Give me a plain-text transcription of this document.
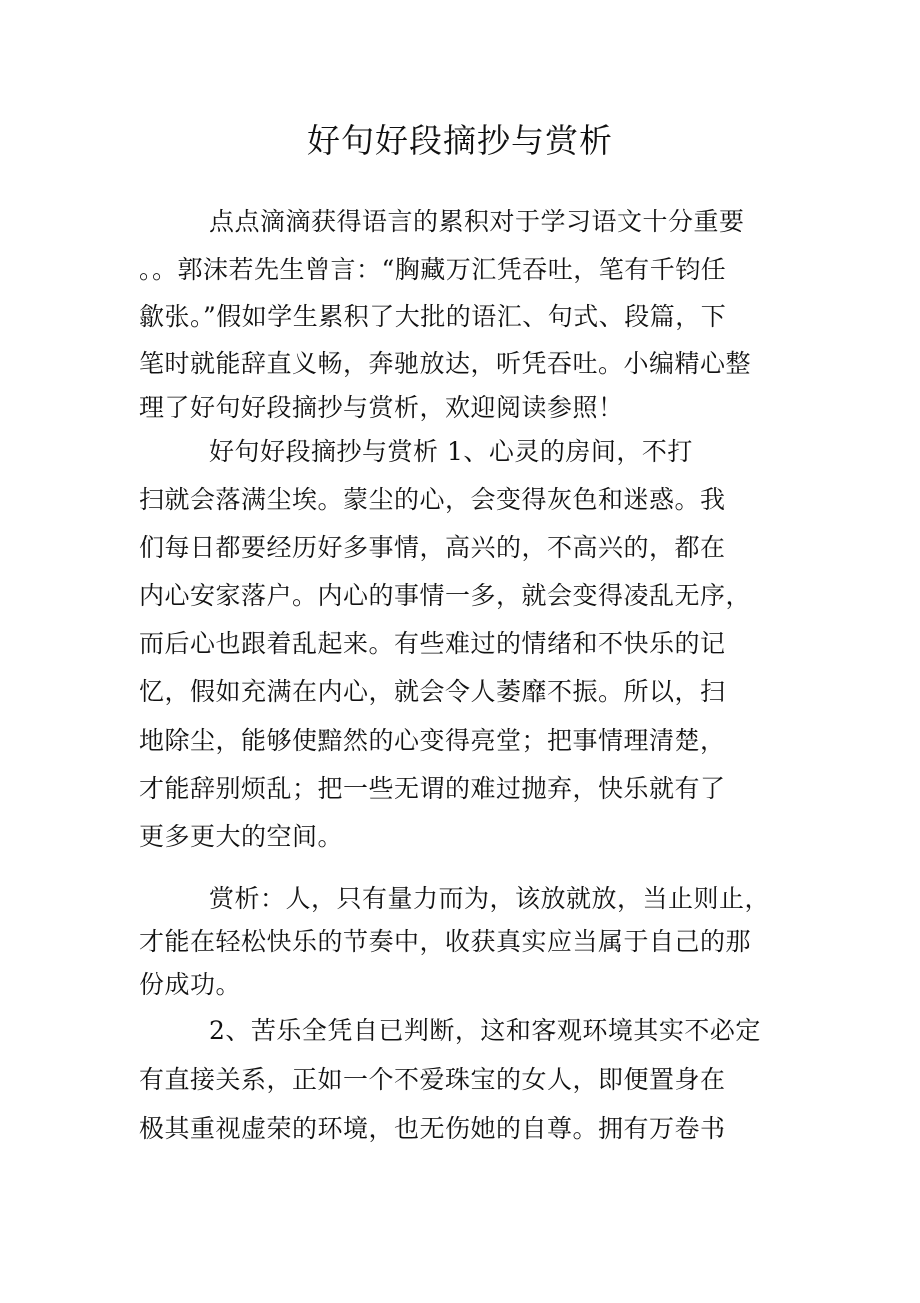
好句好段摘抄与赏析
点点滴滴获得语言的累积对于学习语文十分重要
。。郭沫若先生曾言：“胸藏万汇凭吞吐，笔有千钧任
歙张。”假如学生累积了大批的语汇、句式、段篇，下
笔时就能辞直义畅，奔驰放达，听凭吞吐。小编精心整
理了好句好段摘抄与赏析，欢迎阅读参照！
好句好段摘抄与赏析 1、心灵的房间，不打
扫就会落满尘埃。蒙尘的心，会变得灰色和迷惑。我
们每日都要经历好多事情，高兴的，不高兴的，都在
内心安家落户。内心的事情一多，就会变得凌乱无序，
而后心也跟着乱起来。有些难过的情绪和不快乐的记
忆，假如充满在内心，就会令人萎靡不振。所以，扫
地除尘，能够使黯然的心变得亮堂；把事情理清楚，
才能辞别烦乱；把一些无谓的难过抛弃，快乐就有了
更多更大的空间。
赏析：人，只有量力而为，该放就放，当止则止，
才能在轻松快乐的节奏中，收获真实应当属于自己的那
份成功。
2、苦乐全凭自已判断，这和客观环境其实不必定
有直接关系，正如一个不爱珠宝的女人，即便置身在
极其重视虚荣的环境，也无伤她的自尊。拥有万卷书
